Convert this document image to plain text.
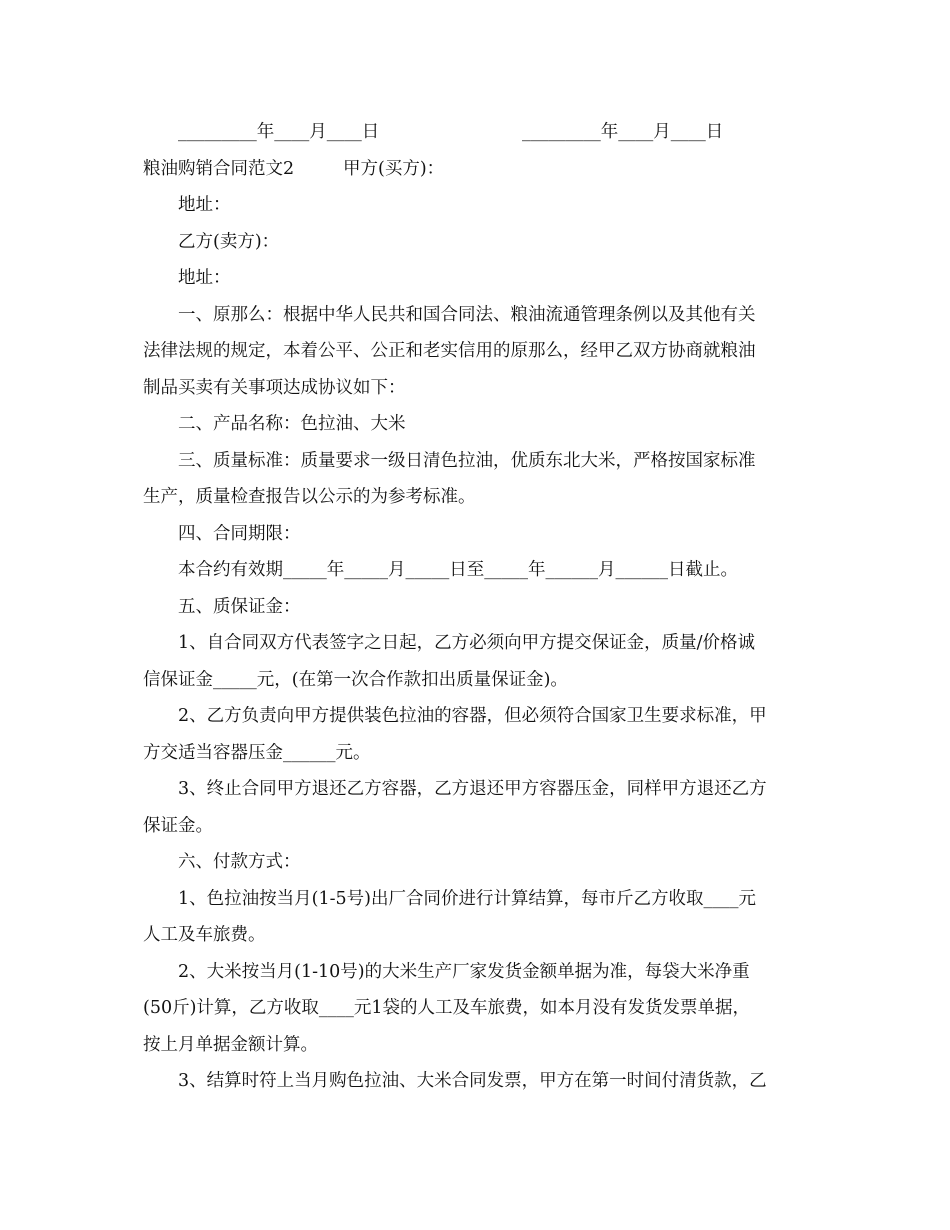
_________年____月____日	_________年____月____日
粮油购销合同范文2	甲方(买方)：
地址：
乙方(卖方)：
地址：
一、原那么：根据中华人民共和国合同法、粮油流通管理条例以及其他有关
法律法规的规定，本着公平、公正和老实信用的原那么，经甲乙双方协商就粮油
制品买卖有关事项达成协议如下：
二、产品名称：色拉油、大米
三、质量标准：质量要求一级日清色拉油，优质东北大米，严格按国家标准
生产，质量检查报告以公示的为参考标准。
四、合同期限：
本合约有效期_____年_____月_____日至_____年______月______日截止。
五、质保证金：
1、自合同双方代表签字之日起，乙方必须向甲方提交保证金，质量/价格诚
信保证金_____元，(在第一次合作款扣出质量保证金)。
2、乙方负责向甲方提供装色拉油的容器，但必须符合国家卫生要求标准，甲
方交适当容器压金______元。
3、终止合同甲方退还乙方容器，乙方退还甲方容器压金，同样甲方退还乙方
保证金。
六、付款方式：
1、色拉油按当月(1-5号)出厂合同价进行计算结算，每市斤乙方收取____元
人工及车旅费。
2、大米按当月(1-10号)的大米生产厂家发货金额单据为准，每袋大米净重
(50斤)计算，乙方收取____元1袋的人工及车旅费，如本月没有发货发票单据，
按上月单据金额计算。
3、结算时符上当月购色拉油、大米合同发票，甲方在第一时间付清货款，乙
